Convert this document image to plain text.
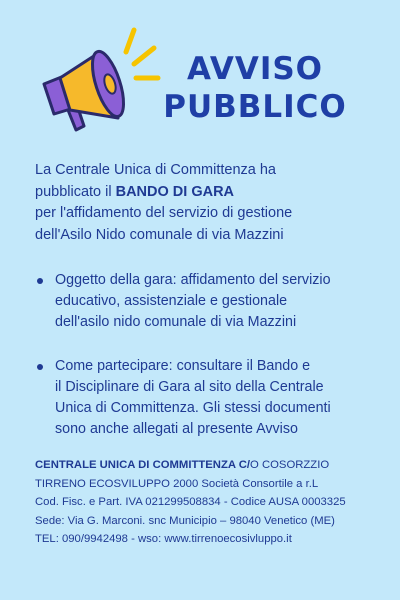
AVVISO
PUBBLICO
La Centrale Unica di Committenza ha
pubblicato il BANDO DI GARA
per l'affidamento del servizio di gestione
dell'Asilo Nido comunale di via Mazzini
Oggetto della gara: affidamento del servizio
educativo, assistenziale e gestionale
dell'asilo nido comunale di via Mazzini
Come partecipare: consultare il Bando e
il Disciplinare di Gara al sito della Centrale
Unica di Committenza. Gli stessi documenti
sono anche allegati al presente Avviso
CENTRALE UNICA DI COMMITTENZA C/O COSORZZIO
TIRRENO ECOSVILUPPO 2000 Società Consortile a r.L
Cod. Fisc. e Part. IVA 021299508834 - Codice AUSA 0003325
Sede: Via G. Marconi. snc Municipio – 98040 Venetico (ME)
TEL: 090/9942498 - wso: www.tirrenoecosivluppo.it
